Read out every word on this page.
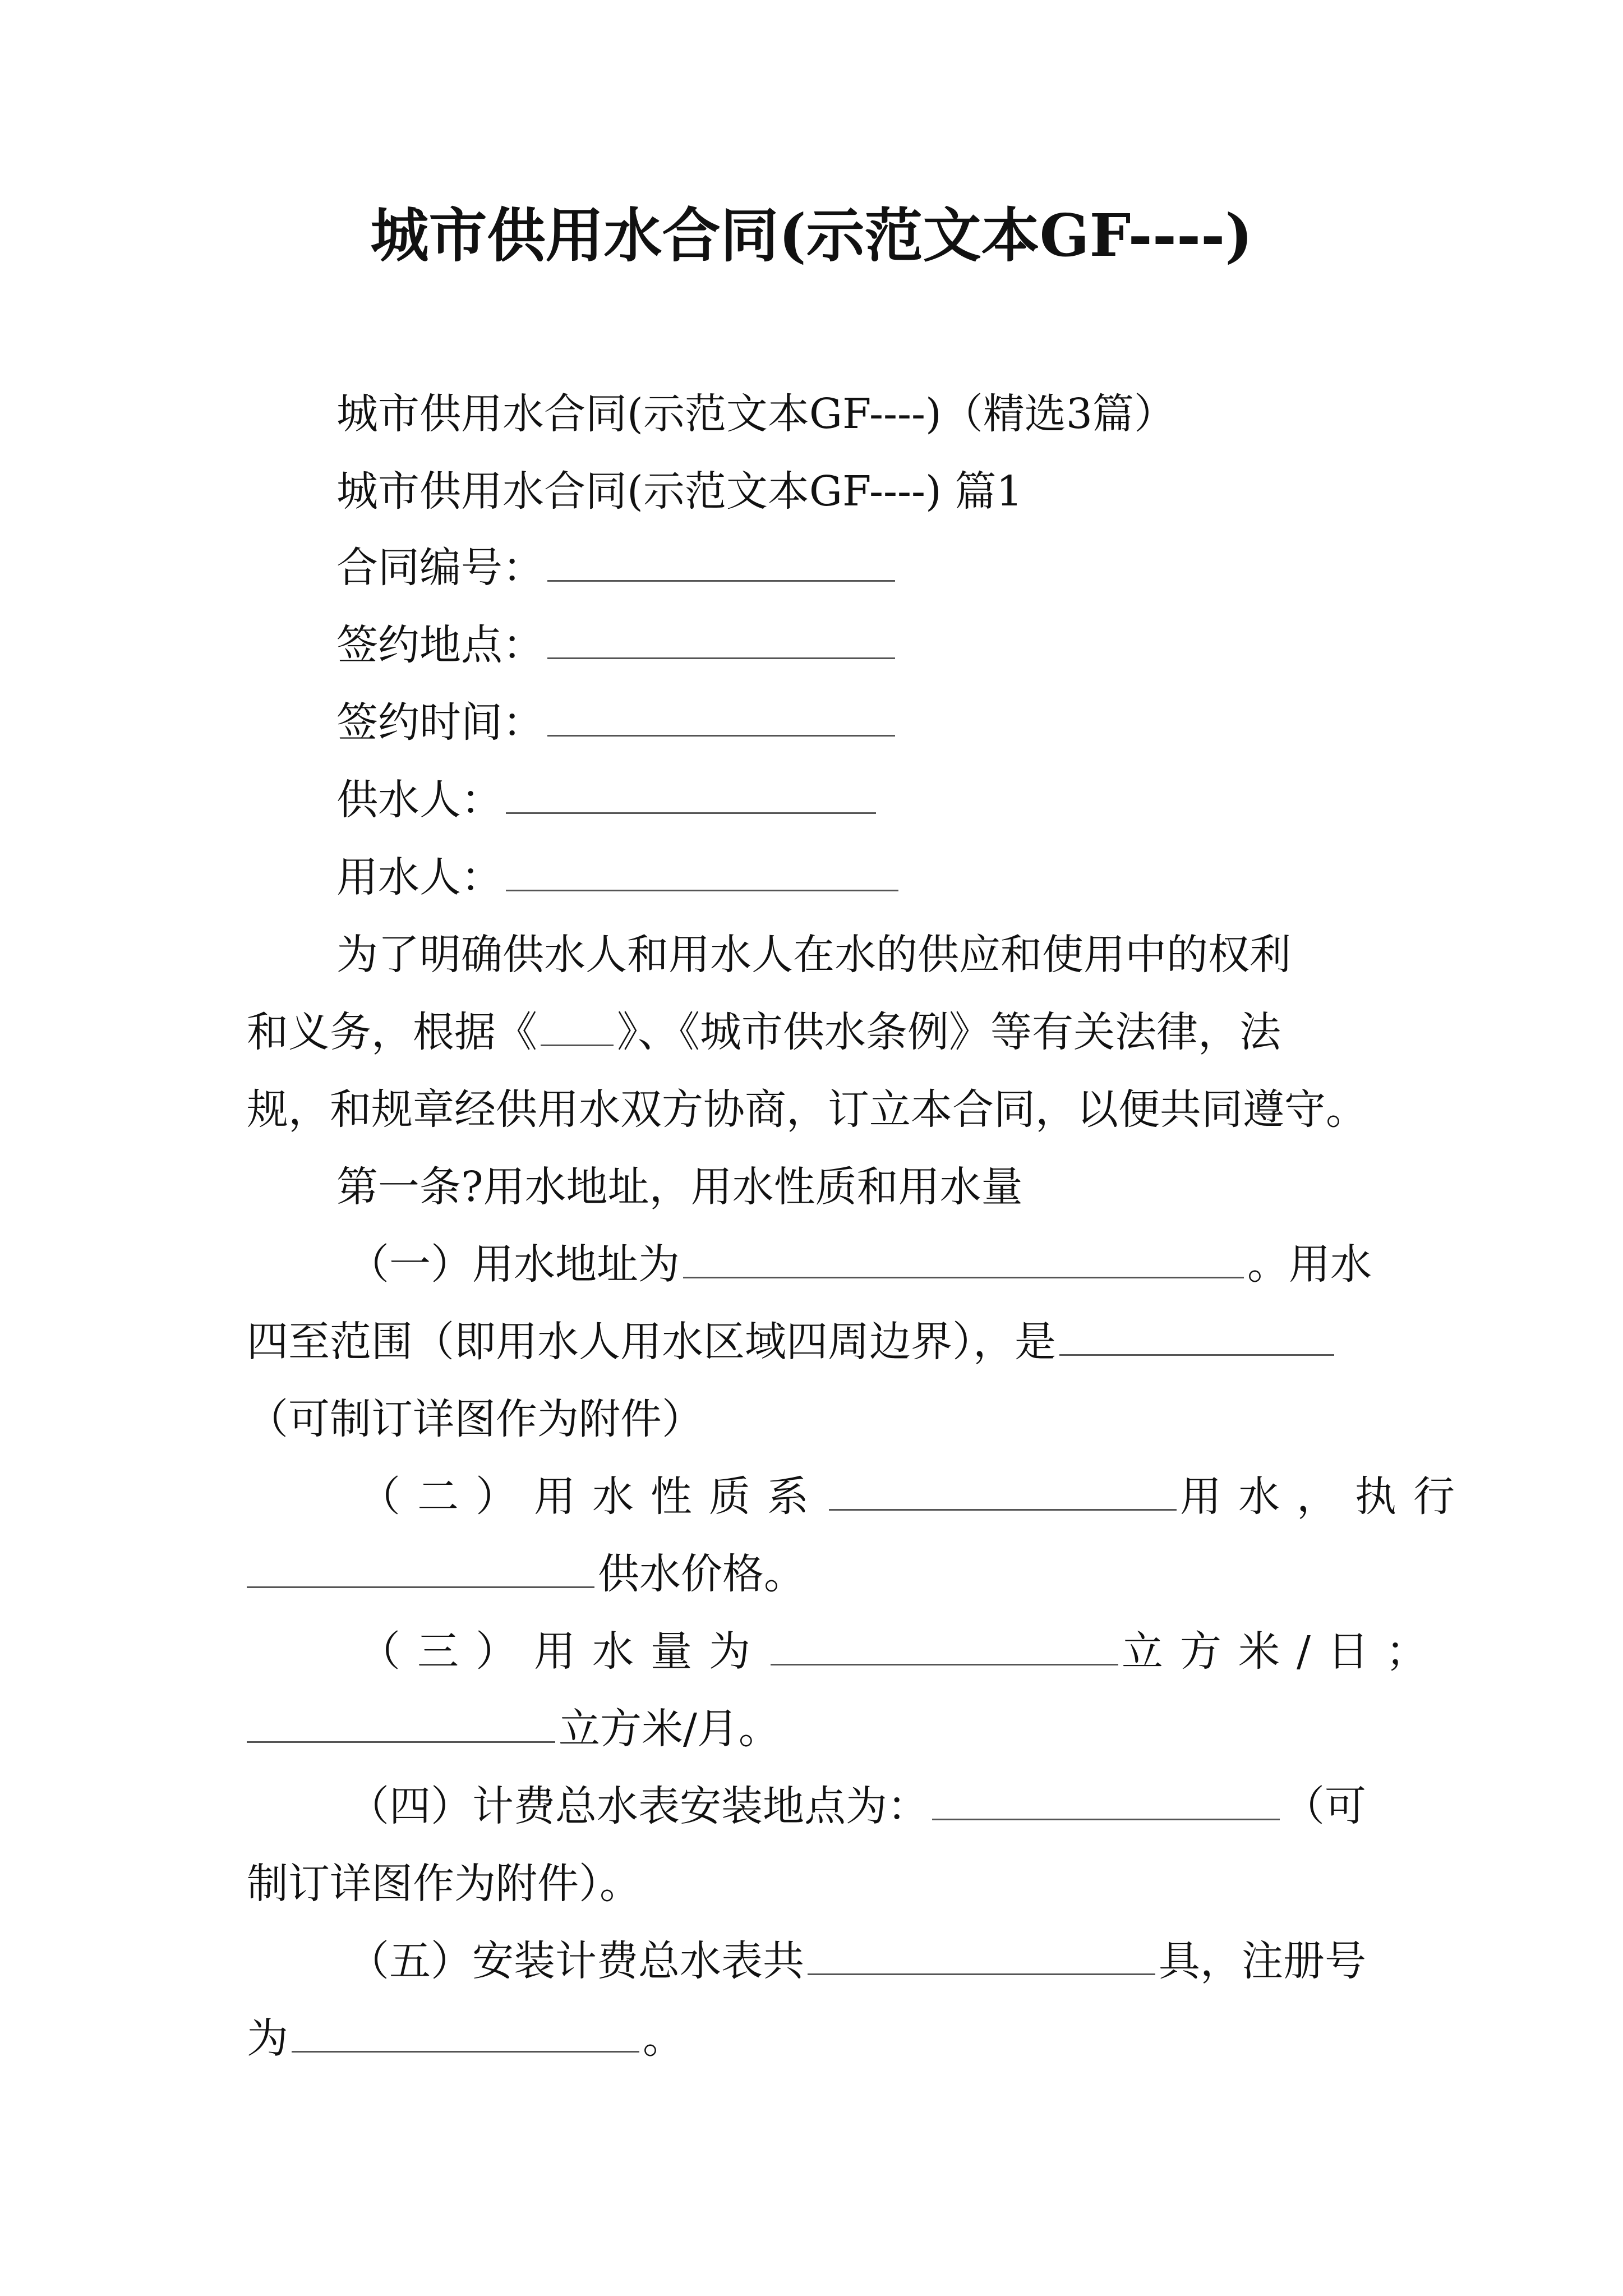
城市供用水合同(示范文本GF----)
城市供用水合同(示范文本GF----)（精选3篇）
城市供用水合同(示范文本GF----) 篇1
合同编号：
签约地点：
签约时间：
供水人：
用水人：
为了明确供水人和用水人在水的供应和使用中的权利
和义务，根据《 》、《城市供水条例》等有关法律，法
规，和规章经供用水双方协商，订立本合同，以便共同遵守。
第一条?用水地址，用水性质和用水量
（一）用水地址为	。用水
四至范围（即用水人用水区域四周边界），是
（可制订详图作为附件）
（二）用水性质系	用水，执行
供水价格。
（三）用水量为	立方米/日；
立方米/月。
（四）计费总水表安装地点为：	（可
制订详图作为附件）。
（五）安装计费总水表共	具，注册号
为	。
